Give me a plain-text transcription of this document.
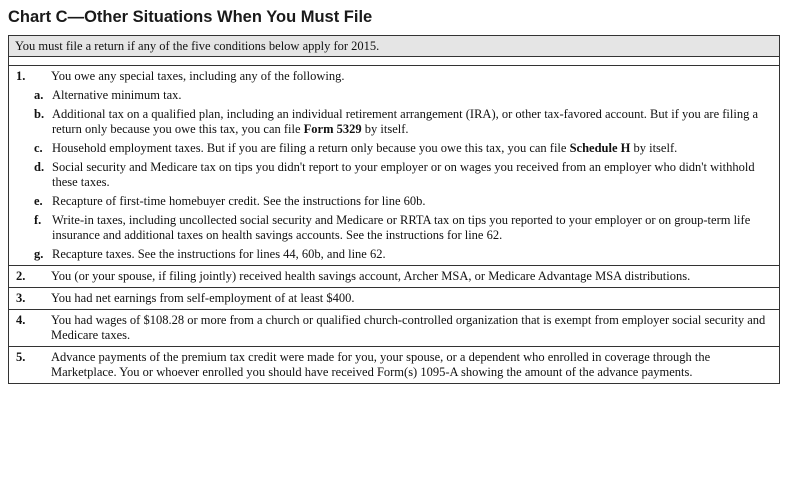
Chart C—Other Situations When You Must File
You must file a return if any of the five conditions below apply for 2015.
1.	You owe any special taxes, including any of the following.
a. Alternative minimum tax.
b. Additional tax on a qualified plan, including an individual retirement arrangement (IRA), or other tax-favored account. But if you are filing a return only because you owe this tax, you can file Form 5329 by itself.
c. Household employment taxes. But if you are filing a return only because you owe this tax, you can file Schedule H by itself.
d. Social security and Medicare tax on tips you didn't report to your employer or on wages you received from an employer who didn't withhold these taxes.
e. Recapture of first-time homebuyer credit. See the instructions for line 60b.
f. Write-in taxes, including uncollected social security and Medicare or RRTA tax on tips you reported to your employer or on group-term life insurance and additional taxes on health savings accounts. See the instructions for line 62.
g. Recapture taxes. See the instructions for lines 44, 60b, and line 62.
2.	You (or your spouse, if filing jointly) received health savings account, Archer MSA, or Medicare Advantage MSA distributions.
3.	You had net earnings from self-employment of at least $400.
4.	You had wages of $108.28 or more from a church or qualified church-controlled organization that is exempt from employer social security and Medicare taxes.
5.	Advance payments of the premium tax credit were made for you, your spouse, or a dependent who enrolled in coverage through the Marketplace. You or whoever enrolled you should have received Form(s) 1095-A showing the amount of the advance payments.
